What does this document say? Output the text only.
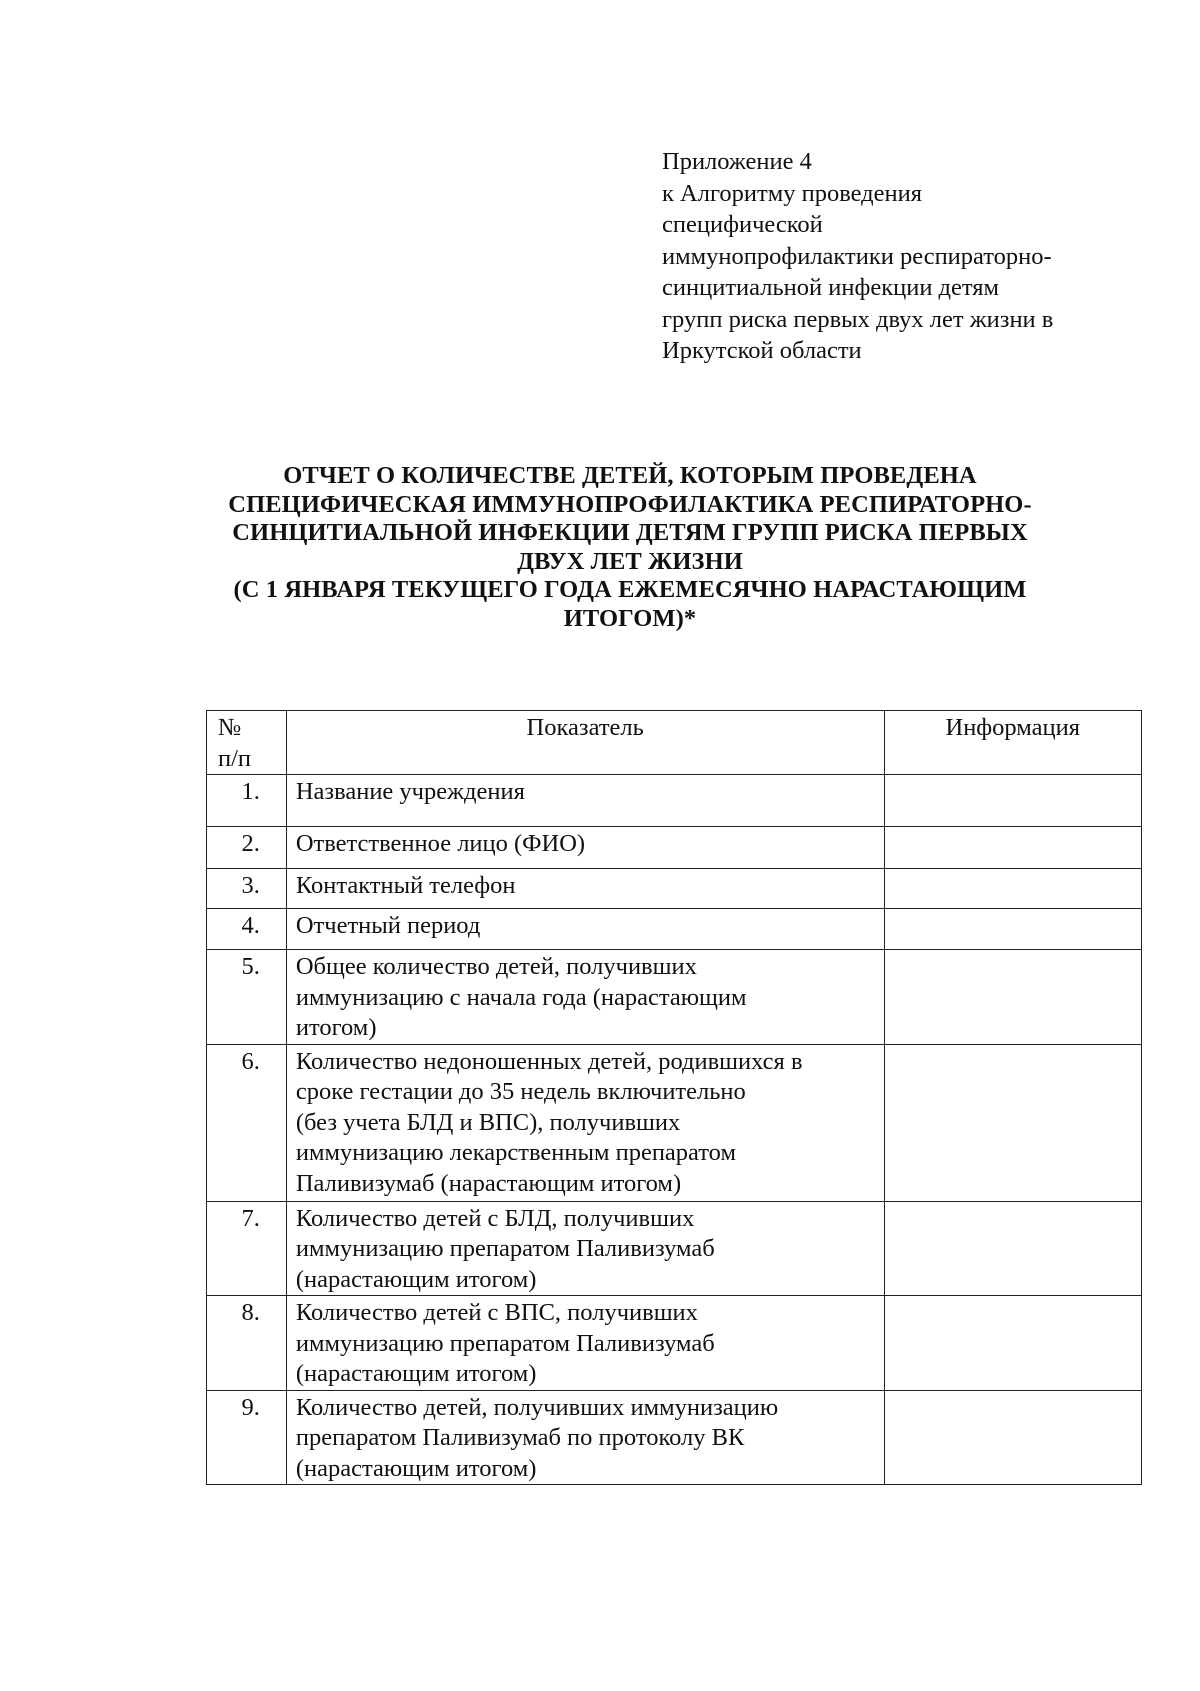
Приложение 4
к Алгоритму проведения
специфической
иммунопрофилактики респираторно-
синцитиальной инфекции детям
групп риска первых двух лет жизни в
Иркутской области
ОТЧЕТ О КОЛИЧЕСТВЕ ДЕТЕЙ, КОТОРЫМ ПРОВЕДЕНА
СПЕЦИФИЧЕСКАЯ ИММУНОПРОФИЛАКТИКА РЕСПИРАТОРНО-
СИНЦИТИАЛЬНОЙ ИНФЕКЦИИ ДЕТЯМ ГРУПП РИСКА ПЕРВЫХ
ДВУХ ЛЕТ ЖИЗНИ
(С 1 ЯНВАРЯ ТЕКУЩЕГО ГОДА ЕЖЕМЕСЯЧНО НАРАСТАЮЩИМ
ИТОГОМ)*
№
п/п	Показатель	Информация
1.	Название учреждения	

2.	Ответственное лицо (ФИО)	

3.	Контактный телефон	

4.	Отчетный период	

5.	Общее количество детей, получивших
иммунизацию с начала года (нарастающим
итогом)	

6.	Количество недоношенных детей, родившихся в
сроке гестации до 35 недель включительно
(без учета БЛД и ВПС), получивших
иммунизацию лекарственным препаратом
Паливизумаб (нарастающим итогом)	

7.	Количество детей с БЛД, получивших
иммунизацию препаратом Паливизумаб
(нарастающим итогом)	

8.	Количество детей с ВПС, получивших
иммунизацию препаратом Паливизумаб
(нарастающим итогом)	

9.	Количество детей, получивших иммунизацию
препаратом Паливизумаб по протоколу ВК
(нарастающим итогом)	
